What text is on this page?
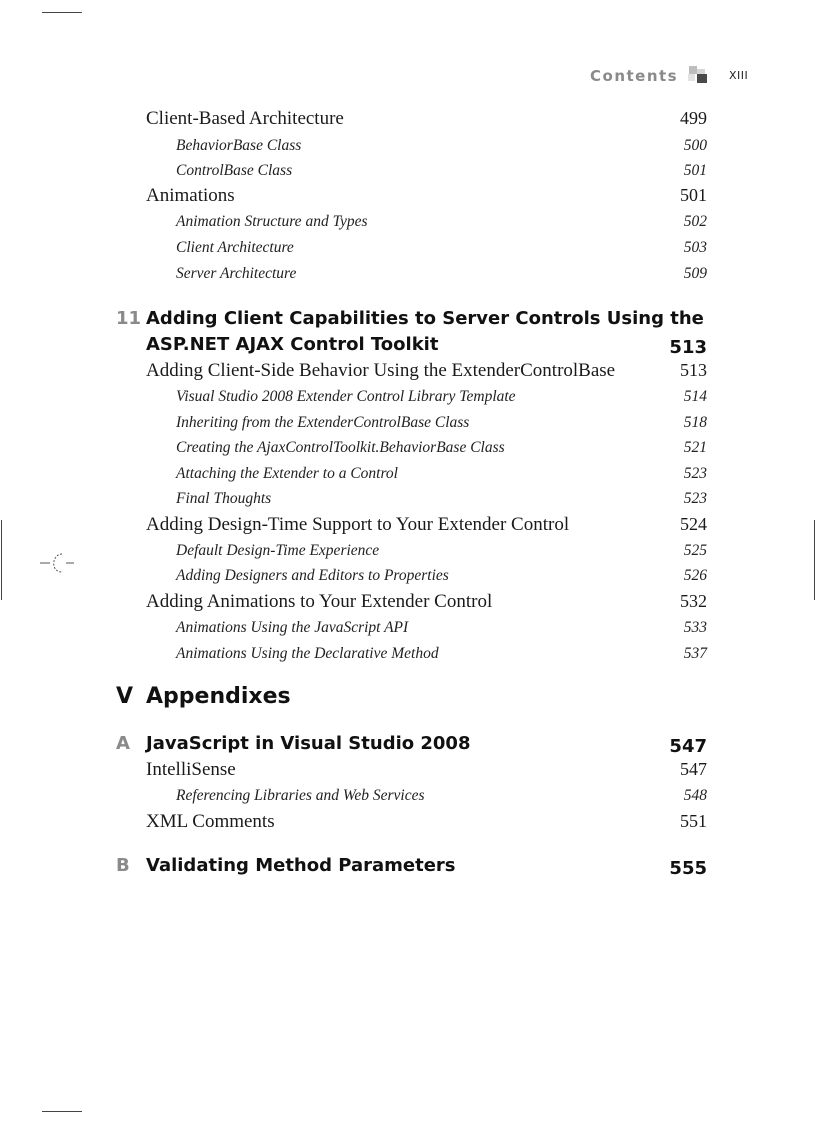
Contents	XIII
Client-Based Architecture	499
BehaviorBase Class	500
ControlBase Class	501
Animations	501
Animation Structure and Types	502
Client Architecture	503
Server Architecture	509
11 Adding Client Capabilities to Server Controls Using the
ASP.NET AJAX Control Toolkit	513
Adding Client-Side Behavior Using the ExtenderControlBase	513
Visual Studio 2008 Extender Control Library Template	514
Inheriting from the ExtenderControlBase Class	518
Creating the AjaxControlToolkit.BehaviorBase Class	521
Attaching the Extender to a Control	523
Final Thoughts	523
Adding Design-Time Support to Your Extender Control	524
Default Design-Time Experience	525
Adding Designers and Editors to Properties	526
Adding Animations to Your Extender Control	532
Animations Using the JavaScript API	533
Animations Using the Declarative Method	537
V Appendixes
A JavaScript in Visual Studio 2008	547
IntelliSense	547
Referencing Libraries and Web Services	548
XML Comments	551
B Validating Method Parameters	555
